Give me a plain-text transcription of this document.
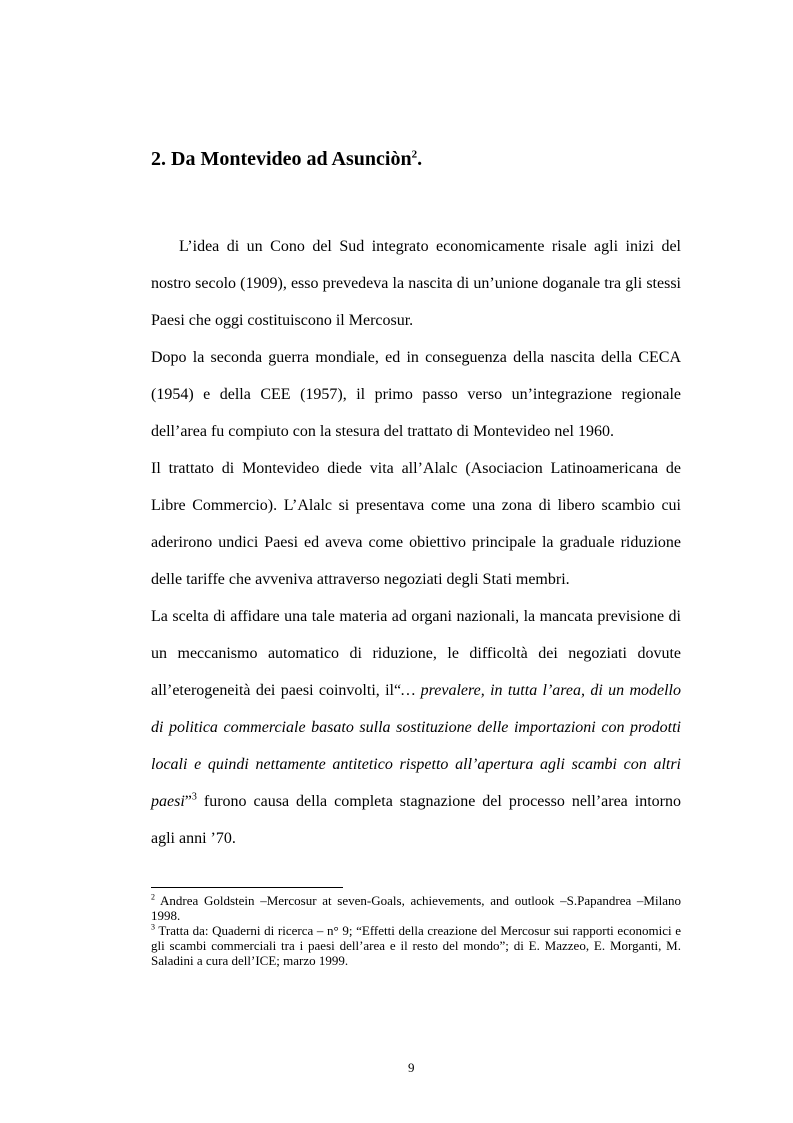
2. Da Montevideo ad Asunciòn$^2$.

L’idea di un Cono del Sud integrato economicamente risale agli inizi del nostro secolo (1909), esso prevedeva la nascita di un’unione doganale tra gli stessi Paesi che oggi costituiscono il Mercosur.

Dopo la seconda guerra mondiale, ed in conseguenza della nascita della CECA (1954) e della CEE (1957), il primo passo verso un’integrazione regionale dell’area fu compiuto con la stesura del trattato di Montevideo nel 1960.

Il trattato di Montevideo diede vita all’Alalc (Asociacion Latinoamericana de Libre Commercio). L’Alalc si presentava come una zona di libero scambio cui aderirono undici Paesi ed aveva come obiettivo principale la graduale riduzione delle tariffe che avveniva attraverso negoziati degli Stati membri.

La scelta di affidare una tale materia ad organi nazionali, la mancata previsione di un meccanismo automatico di riduzione, le difficoltà dei negoziati dovute all’eterogeneità dei paesi coinvolti, il“… prevalere, in tutta l’area, di un modello di politica commerciale basato sulla sostituzione delle importazioni con prodotti locali e quindi nettamente antitetico rispetto all’apertura agli scambi con altri paesi”$^3$ furono causa della completa stagnazione del processo nell’area intorno agli anni ’70.

$^2$ Andrea Goldstein –Mercosur at seven-Goals, achievements, and outlook –S.Papandrea –Milano 1998.

$^3$ Tratta da: Quaderni di ricerca – n° 9; “Effetti della creazione del Mercosur sui rapporti economici e gli scambi commerciali tra i paesi dell’area e il resto del mondo”; di E. Mazzeo, E. Morganti, M. Saladini a cura dell’ICE; marzo 1999.

9
